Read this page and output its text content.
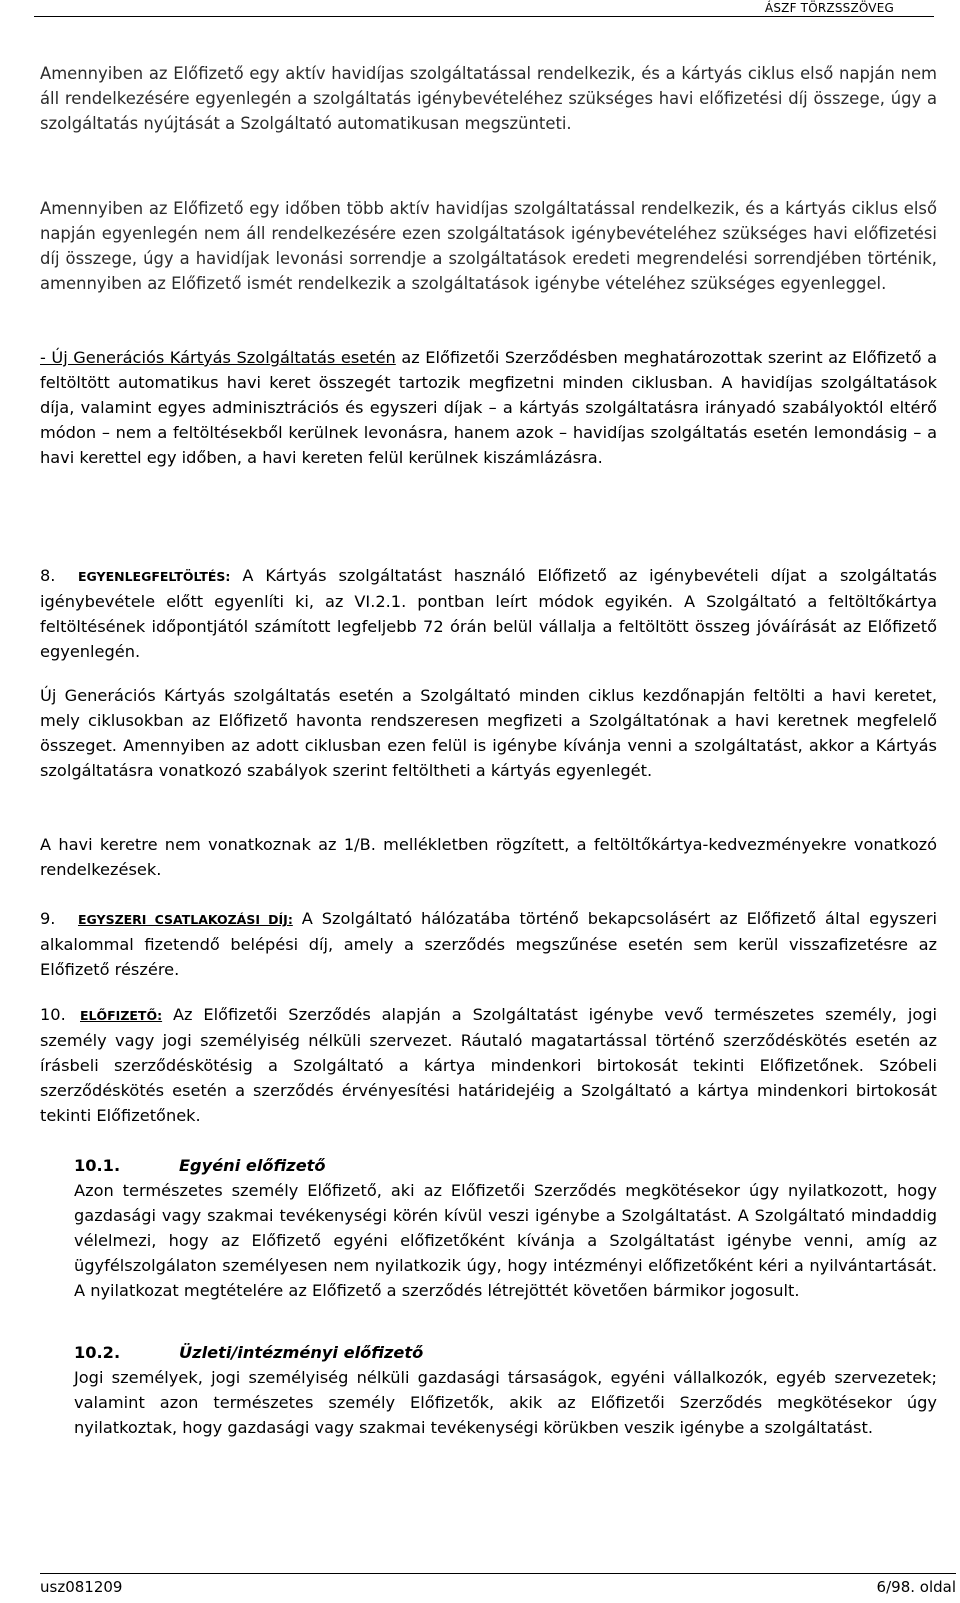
ÁSZF TÖRZSSZÖVEG

Amennyiben az Előfizető egy aktív havidíjas szolgáltatással rendelkezik, és a kártyás ciklus első napján nem áll rendelkezésére egyenlegén a szolgáltatás igénybevételéhez szükséges havi előfizetési díj összege, úgy a szolgáltatás nyújtását a Szolgáltató automatikusan megszünteti.

Amennyiben az Előfizető egy időben több aktív havidíjas szolgáltatással rendelkezik, és a kártyás ciklus első napján egyenlegén nem áll rendelkezésére ezen szolgáltatások igénybevételéhez szükséges havi előfizetési díj összege, úgy a havidíjak levonási sorrendje a szolgáltatások eredeti megrendelési sorrendjében történik, amennyiben az Előfizető ismét rendelkezik a szolgáltatások igénybe vételéhez szükséges egyenleggel.

- Új Generációs Kártyás Szolgáltatás esetén az Előfizetői Szerződésben meghatározottak szerint az Előfizető a feltöltött automatikus havi keret összegét tartozik megfizetni minden ciklusban. A havidíjas szolgáltatások díja, valamint egyes adminisztrációs és egyszeri díjak – a kártyás szolgáltatásra irányadó szabályoktól eltérő módon – nem a feltöltésekből kerülnek levonásra, hanem azok – havidíjas szolgáltatás esetén lemondásig – a havi kerettel egy időben, a havi kereten felül kerülnek kiszámlázásra.

8. EGYENLEGFELTÖLTÉS: A Kártyás szolgáltatást használó Előfizető az igénybevételi díjat a szolgáltatás igénybevétele előtt egyenlíti ki, az VI.2.1. pontban leírt módok egyikén. A Szolgáltató a feltöltőkártya feltöltésének időpontjától számított legfeljebb 72 órán belül vállalja a feltöltött összeg jóváírását az Előfizető egyenlegén.

Új Generációs Kártyás szolgáltatás esetén a Szolgáltató minden ciklus kezdőnapján feltölti a havi keretet, mely ciklusokban az Előfizető havonta rendszeresen megfizeti a Szolgáltatónak a havi keretnek megfelelő összeget. Amennyiben az adott ciklusban ezen felül is igénybe kívánja venni a szolgáltatást, akkor a Kártyás szolgáltatásra vonatkozó szabályok szerint feltöltheti a kártyás egyenlegét.

A havi keretre nem vonatkoznak az 1/B. mellékletben rögzített, a feltöltőkártya-kedvezményekre vonatkozó rendelkezések.

9. EGYSZERI CSATLAKOZÁSI DÍJ: A Szolgáltató hálózatába történő bekapcsolásért az Előfizető által egyszeri alkalommal fizetendő belépési díj, amely a szerződés megszűnése esetén sem kerül visszafizetésre az Előfizető részére.

10. ELŐFIZETŐ: Az Előfizetői Szerződés alapján a Szolgáltatást igénybe vevő természetes személy, jogi személy vagy jogi személyiség nélküli szervezet. Ráutaló magatartással történő szerződéskötés esetén az írásbeli szerződéskötésig a Szolgáltató a kártya mindenkori birtokosát tekinti Előfizetőnek. Szóbeli szerződéskötés esetén a szerződés érvényesítési határidejéig a Szolgáltató a kártya mindenkori birtokosát tekinti Előfizetőnek.

10.1.	Egyéni előfizető
Azon természetes személy Előfizető, aki az Előfizetői Szerződés megkötésekor úgy nyilatkozott, hogy gazdasági vagy szakmai tevékenységi körén kívül veszi igénybe a Szolgáltatást. A Szolgáltató mindaddig vélelmezi, hogy az Előfizető egyéni előfizetőként kívánja a Szolgáltatást igénybe venni, amíg az ügyfélszolgálaton személyesen nem nyilatkozik úgy, hogy intézményi előfizetőként kéri a nyilvántartását. A nyilatkozat megtételére az Előfizető a szerződés létrejöttét követően bármikor jogosult.
10.2.	Üzleti/intézményi előfizető
Jogi személyek, jogi személyiség nélküli gazdasági társaságok, egyéni vállalkozók, egyéb szervezetek; valamint azon természetes személy Előfizetők, akik az Előfizetői Szerződés megkötésekor úgy nyilatkoztak, hogy gazdasági vagy szakmai tevékenységi körükben veszik igénybe a szolgáltatást.
usz081209	6/98. oldal
